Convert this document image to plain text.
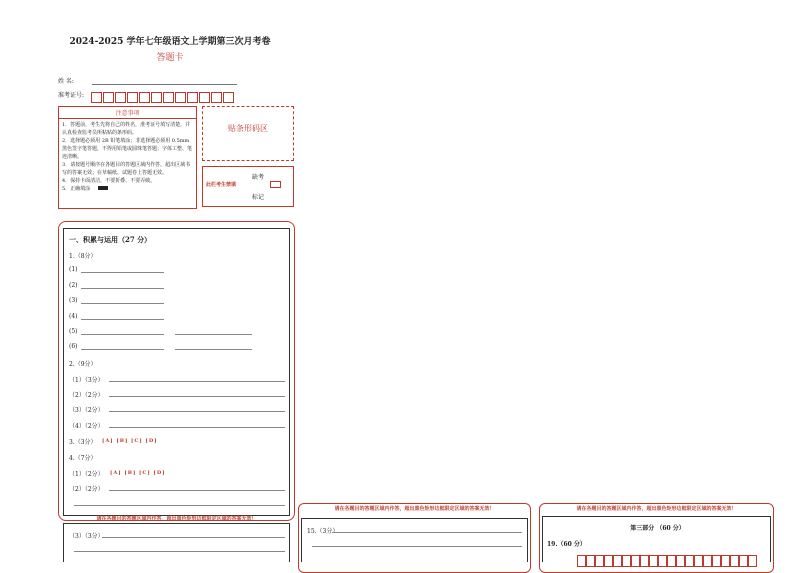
2024-2025 学年七年级语文上学期第三次月考卷
答题卡
姓 名:
准考证号:
注意事项
1．答题前，考生先将自己的姓名，准考证号填写清楚，并认真检查监考员所粘贴的条形码。
2．选择题必须用 2B 铅笔填涂；非选择题必须用 0.5mm 黑色签字笔答题，不得用铅笔或圆珠笔答题；字体工整、笔迹清晰。
3．请按题号顺序在各题目的答题区域内作答，超出区域书写的答案无效；在草稿纸、试题卷上答题无效。
4．保持卡面清洁，不要折叠、不要弄破。
5．正确填涂
贴条形码区
缺考
此栏考生禁填
标记
一、积累与运用（27 分）
1.（8分）
(1)
(2)
(3)
(4)
(5)
(6)
2.（9分）
（1）（3分）
（2）（2分）
（3）（2分）
（4）（2分）
3.（3分） [A] [B] [C] [D]
4.（7分）
（1）（2分） [A] [B] [C] [D]
（2）（2分）
请在各题目的答题区域内作答，超出黑色矩形边框限定区域的答案无效！
（3）（3分）
请在各题目的答题区域内作答，超出黑色矩形边框限定区域的答案无效！
15.（3分）
请在各题目的答题区域内作答，超出黑色矩形边框限定区域的答案无效！
第三部分 （60 分）
19.（60 分）
